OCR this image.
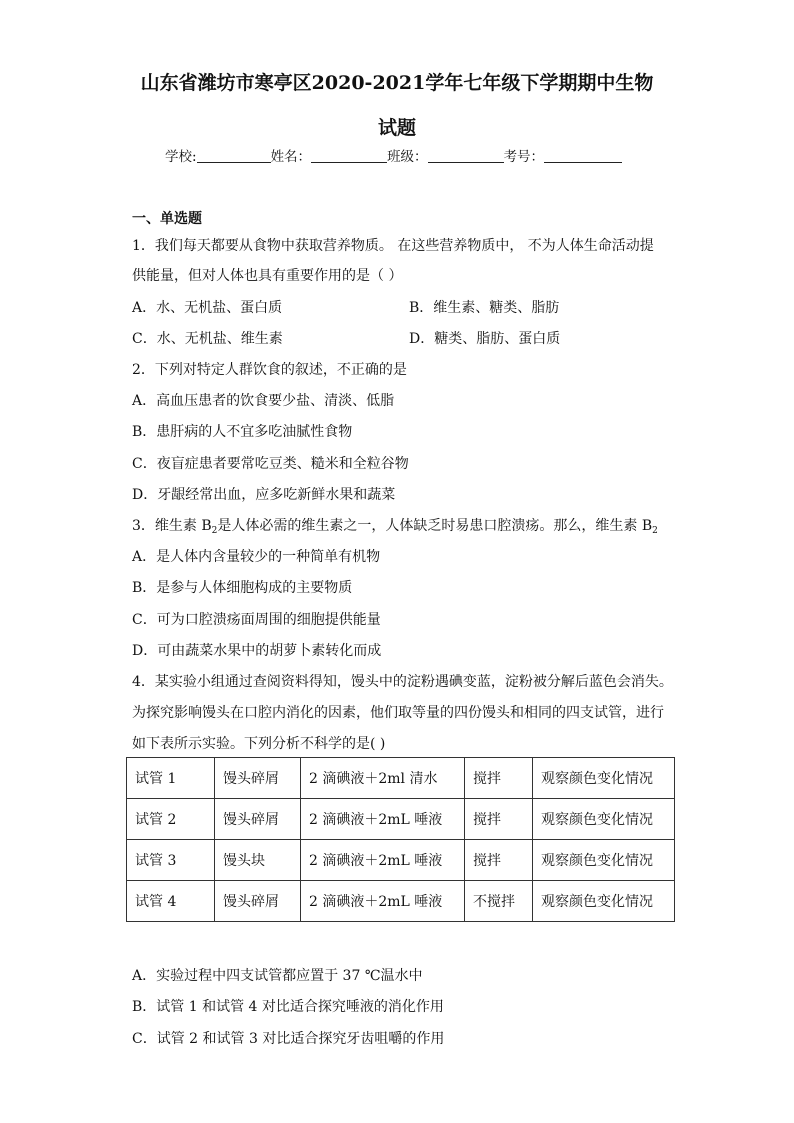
山东省潍坊市寒亭区2020-2021学年七年级下学期期中生物
试题
学校:	姓名：	班级：	考号：
一、单选题
1．我们每天都要从食物中获取营养物质。 在这些营养物质中， 不为人体生命活动提
供能量，但对人体也具有重要作用的是（ ）
A．水、无机盐、蛋白质	B．维生素、糖类、脂肪
C．水、无机盐、维生素	D．糖类、脂肪、蛋白质
2．下列对特定人群饮食的叙述，不正确的是
A．高血压患者的饮食要少盐、清淡、低脂
B．患肝病的人不宜多吃油腻性食物
C．夜盲症患者要常吃豆类、糙米和全粒谷物
D．牙龈经常出血，应多吃新鲜水果和蔬菜
3．维生素 $B_2$是人体必需的维生素之一，人体缺乏时易患口腔溃疡。那么，维生素 $B_2$
A．是人体内含量较少的一种简单有机物
B．是参与人体细胞构成的主要物质
C．可为口腔溃疡面周围的细胞提供能量
D．可由蔬菜水果中的胡萝卜素转化而成
4．某实验小组通过查阅资料得知，馒头中的淀粉遇碘变蓝，淀粉被分解后蓝色会消失。
为探究影响馒头在口腔内消化的因素，他们取等量的四份馒头和相同的四支试管，进行
如下表所示实验。下列分析不科学的是( )
试管 1	馒头碎屑	2 滴碘液＋2ml 清水	搅拌	观察颜色变化情况
试管 2	馒头碎屑	2 滴碘液＋2mL 唾液	搅拌	观察颜色变化情况
试管 3	馒头块	2 滴碘液＋2mL 唾液	搅拌	观察颜色变化情况
试管 4	馒头碎屑	2 滴碘液＋2mL 唾液	不搅拌	观察颜色变化情况
A．实验过程中四支试管都应置于 37 ℃温水中
B．试管 1 和试管 4 对比适合探究唾液的消化作用
C．试管 2 和试管 3 对比适合探究牙齿咀嚼的作用
